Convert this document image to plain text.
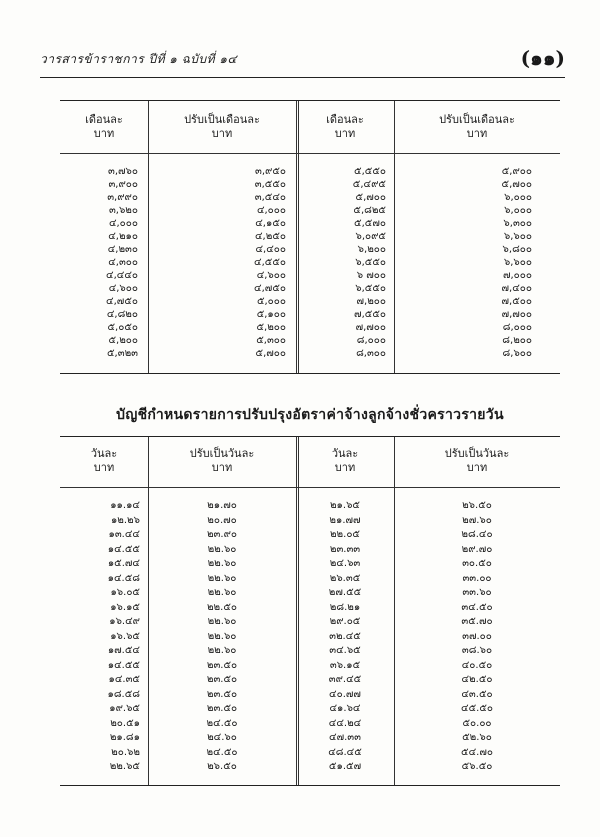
วารสารข้าราชการ ปีที่ ๑ ฉบับที่ ๑๔	(๑๑)
เดือนละ
บาท
ปรับเป็นเดือนละ
บาท
เดือนละ
บาท
ปรับเป็นเดือนละ
บาท
๓,๗๖๐
๓,๙๐๐
๓,๙๙๐
๓,๖๒๐
๔,๐๐๐
๔,๒๑๐
๔,๒๓๐
๔,๓๐๐
๔,๔๔๐
๔,๖๐๐
๔,๗๕๐
๔,๘๒๐
๕,๐๕๐
๕,๒๐๐
๕,๓๒๓
๓,๙๕๐
๓,๕๕๐
๓,๕๔๐
๔,๐๐๐
๔,๑๕๐
๔,๒๕๐
๔,๔๐๐
๔,๕๕๐
๔,๖๐๐
๔,๗๕๐
๕,๐๐๐
๕,๑๐๐
๕,๒๐๐
๕,๓๐๐
๕,๗๐๐
๕,๕๕๐
๕,๔๙๕
๕,๗๐๐
๕,๘๒๕
๕,๕๗๐
๖,๐๙๕
๖,๒๐๐
๖,๕๕๐
๖ ๗๐๐
๖,๕๕๐
๗,๒๐๐
๗,๕๕๐
๗,๗๐๐
๘,๐๐๐
๘,๓๐๐
๕,๙๐๐
๕,๗๐๐
๖,๐๐๐
๖,๐๐๐
๖,๓๐๐
๖,๖๐๐
๖,๘๐๐
๖,๖๐๐
๗,๐๐๐
๗,๔๐๐
๗,๕๐๐
๗,๗๐๐
๘,๐๐๐
๘,๒๐๐
๘,๖๐๐
บัญชีกำหนดรายการปรับปรุงอัตราค่าจ้างลูกจ้างชั่วคราวรายวัน
วันละ
บาท
ปรับเป็นวันละ
บาท
วันละ
บาท
ปรับเป็นวันละ
บาท
๑๑.๑๔
๑๒.๒๖
๑๓.๔๔
๑๔.๕๕
๑๕.๗๔
๑๔.๕๘
๑๖.๐๕
๑๖.๑๕
๑๖.๔๙
๑๖.๖๕
๑๗.๕๔
๑๔.๕๕
๑๔.๓๕
๑๘.๕๘
๑๙.๖๕
๒๐.๕๑
๒๑.๘๑
๒๐.๖๒
๒๒.๖๕
๒๑.๗๐
๒๐.๗๐
๒๓.๙๐
๒๒.๖๐
๒๒.๖๐
๒๒.๖๐
๒๒.๖๐
๒๒.๕๐
๒๒.๖๐
๒๒.๖๐
๒๒.๖๐
๒๓.๕๐
๒๓.๕๐
๒๓.๕๐
๒๓.๕๐
๒๔.๕๐
๒๔.๖๐
๒๔.๕๐
๒๖.๕๐
๒๑.๖๕
๒๑.๗๗
๒๒.๐๕
๒๓.๓๓
๒๔.๖๓
๒๖.๓๕
๒๗.๕๕
๒๘.๒๑
๒๙.๐๕
๓๒.๔๕
๓๔.๖๕
๓๖.๑๕
๓๙.๔๕
๔๐.๗๗
๔๑.๖๔
๔๔.๒๔
๔๗.๓๓
๔๘.๔๕
๕๑.๕๗
๒๖.๕๐
๒๗.๖๐
๒๘.๔๐
๒๙.๗๐
๓๐.๕๐
๓๓.๐๐
๓๓.๖๐
๓๔.๕๐
๓๕.๗๐
๓๗.๐๐
๓๘.๖๐
๔๐.๕๐
๔๒.๕๐
๔๓.๕๐
๔๕.๕๐
๕๐.๐๐
๕๒.๖๐
๕๔.๗๐
๕๖.๕๐
